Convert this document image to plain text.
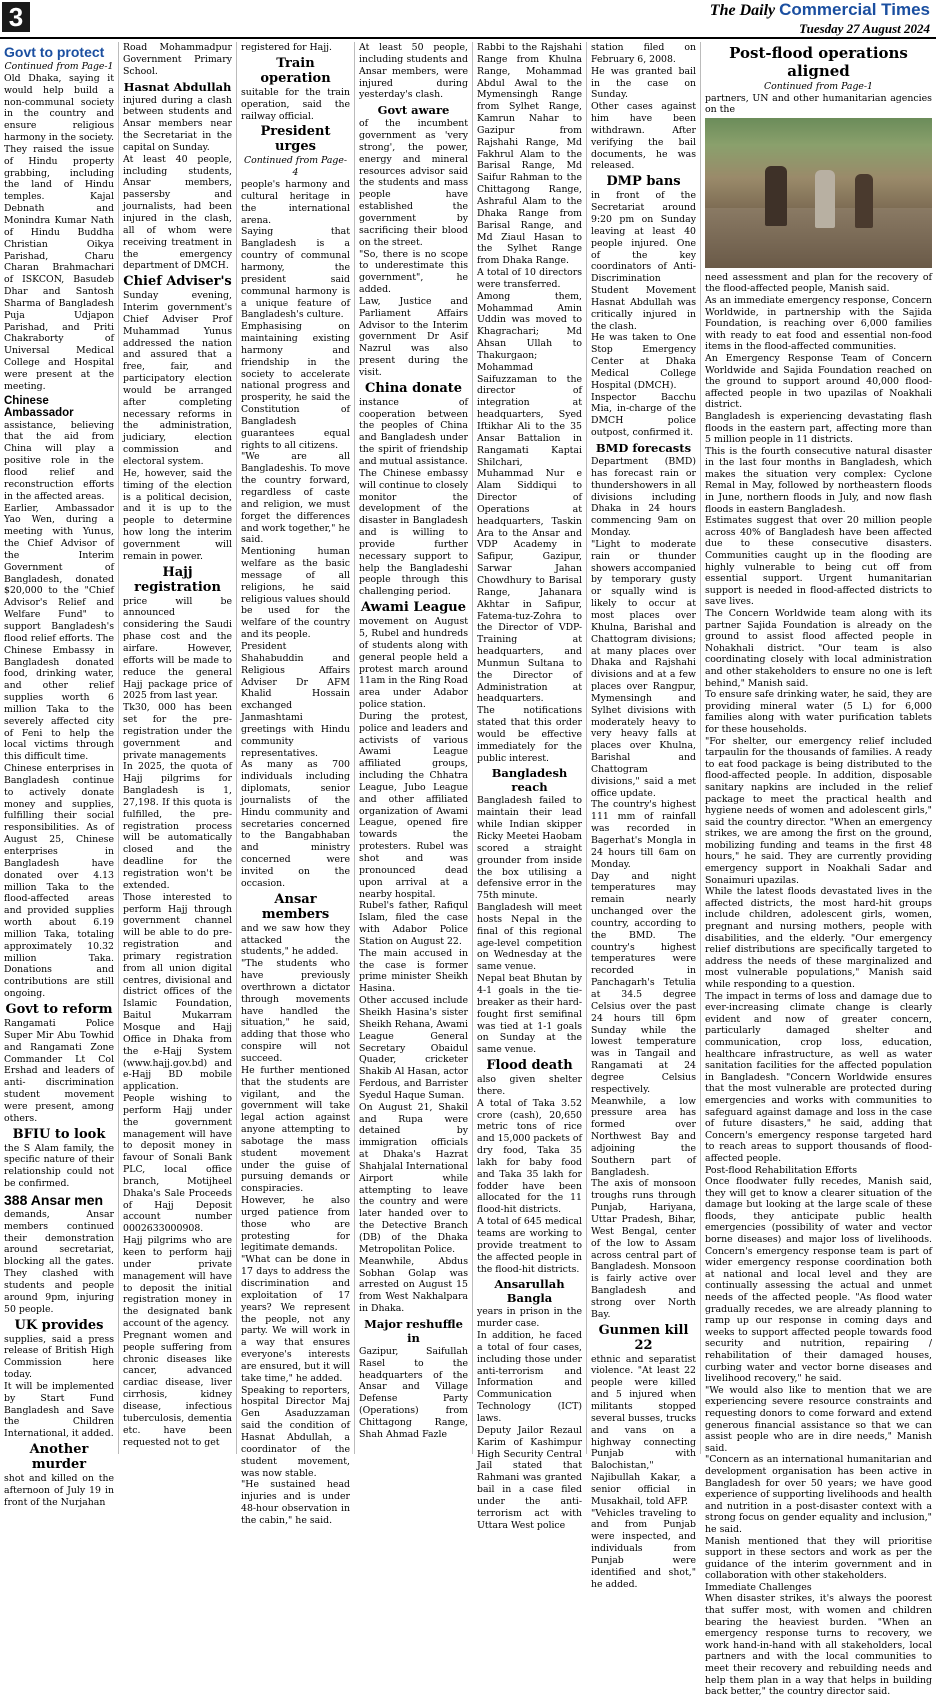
3	The Daily Commercial Times
Tuesday 27 August 2024
Govt to protect
Continued from Page-1

Old Dhaka, saying it would help build a non-communal society in the country and ensure religious harmony in the society. They raised the issue of Hindu property grabbing, including the land of Hindu temples. Kajal Debnath and Monindra Kumar Nath of Hindu Buddha Christian Oikya Parishad, Charu Charan Brahmachari of ISKCON, Basudeb Dhar and Santosh Sharma of Bangladesh Puja Udjapon Parishad, and Priti Chakraborty of Universal Medical College and Hospital were present at the meeting.

Chinese Ambassador

assistance, believing that the aid from China will play a positive role in the flood relief and reconstruction efforts in the affected areas.

Earlier, Ambassador Yao Wen, during a meeting with Yunus, the Chief Advisor of the Interim Government of Bangladesh, donated $20,000 to the "Chief Advisor's Relief and Welfare Fund" to support Bangladesh's flood relief efforts. The Chinese Embassy in Bangladesh donated food, drinking water, and other relief supplies worth 6 million Taka to the severely affected city of Feni to help the local victims through this difficult time.

Chinese enterprises in Bangladesh continue to actively donate money and supplies, fulfilling their social responsibilities. As of August 25, Chinese enterprises in Bangladesh have donated over 4.13 million Taka to the flood-affected areas and provided supplies worth about 6.19 million Taka, totaling approximately 10.32 million Taka. Donations and contributions are still ongoing.

Govt to reform

Rangamati Police Super Mir Abu Towhid and Rangamati Zone Commander Lt Col Ershad and leaders of anti- discrimination student movement were present, among others.

BFIU to look

the S Alam family, the specific nature of their relationship could not be confirmed.

388 Ansar men

demands, Ansar members continued their demonstration around secretariat, blocking all the gates. They clashed with students and people around 9pm, injuring 50 people.

UK provides

supplies, said a press release of British High Commission here today.

It will be implemented by Start Fund Bangladesh and Save the Children International, it added.

Another murder

shot and killed on the afternoon of July 19 in front of the Nurjahan

Road Mohammadpur Government Primary School.

Hasnat Abdullah

injured during a clash between students and Ansar members near the Secretariat in the capital on Sunday.

At least 40 people, including students, Ansar members, passersby and journalists, had been injured in the clash, all of whom were receiving treatment in the emergency department of DMCH.

Chief Adviser's

Sunday evening, Interim government's Chief Adviser Prof Muhammad Yunus addressed the nation and assured that a free, fair, and participatory election would be arranged after completing necessary reforms in the administration, judiciary, election commission and electoral system.

He, however, said the timing of the election is a political decision, and it is up to the people to determine how long the interim government will remain in power.

Hajj registration

price will be announced considering the Saudi phase cost and the airfare. However, efforts will be made to reduce the general Hajj package price of 2025 from last year.

Tk30, 000 has been set for the pre-registration under the government and private managements

In 2025, the quota of Hajj pilgrims for Bangladesh is 1, 27,198. If this quota is fulfilled, the pre-registration process will be automatically closed and the deadline for the registration won't be extended.

Those interested to perform Hajj through government channel will be able to do pre-registration and primary registration from all union digital centres, divisional and district offices of the Islamic Foundation, Baitul Mukarram Mosque and Hajj Office in Dhaka from the e-Hajj System (www.hajj.gov.bd) and e-Hajj BD mobile application.

People wishing to perform Hajj under the government management will have to deposit money in favour of Sonali Bank PLC, local office branch, Motijheel Dhaka's Sale Proceeds of Hajj Deposit account number 0002633000908.

Hajj pilgrims who are keen to perform hajj under private management will have to deposit the initial registration money in the designated bank account of the agency.

Pregnant women and people suffering from chronic diseases like cancer, advanced cardiac disease, liver cirrhosis, kidney disease, infectious tuberculosis, dementia etc. have been requested not to get

registered for Hajj.

Train operation

suitable for the train operation, said the railway official.

President urges
Continued from Page- 4

people's harmony and cultural heritage in the international arena.

Saying that Bangladesh is a country of communal harmony, the president said communal harmony is a unique feature of Bangladesh's culture.

Emphasising on maintaining existing harmony and friendship in the society to accelerate national progress and prosperity, he said the Constitution of Bangladesh guarantees equal rights to all citizens.

"We are all Bangladeshis. To move the country forward, regardless of caste and religion, we must forget the differences and work together," he said.

Mentioning human welfare as the basic message of all religions, he said religious values should be used for the welfare of the country and its people.

President Shahabuddin and Religious Affairs Adviser Dr AFM Khalid Hossain exchanged Janmashtami greetings with Hindu community representatives.

As many as 700 individuals including diplomats, senior journalists of the Hindu community and secretaries concerned to the Bangabhaban and ministry concerned were invited on the occasion.

Ansar members

and we saw how they attacked the students," he added.

"The students who have previously overthrown a dictator through movements have handled the situation," he said, adding that those who conspire will not succeed.

He further mentioned that the students are vigilant, and the government will take legal action against anyone attempting to sabotage the mass student movement under the guise of pursuing demands or conspiracies.

However, he also urged patience from those who are protesting for legitimate demands.

"What can be done in 17 days to address the discrimination and exploitation of 17 years? We represent the people, not any party. We will work in a way that ensures everyone's interests are ensured, but it will take time," he added.

Speaking to reporters, hospital Director Maj Gen Asaduzzaman said the condition of Hasnat Abdullah, a coordinator of the student movement, was now stable.

"He sustained head injuries and is under 48-hour observation in the cabin," he said.

At least 50 people, including students and Ansar members, were injured during yesterday's clash.

Govt aware

of the incumbent government as 'very strong', the power, energy and mineral resources advisor said the students and mass people have established the government by sacrificing their blood on the street.

"So, there is no scope to underestimate this government", he added.

Law, Justice and Parliament Affairs Advisor to the Interim government Dr Asif Nazrul was also present during the visit.

China donate

instance of cooperation between the peoples of China and Bangladesh under the spirit of friendship and mutual assistance.

The Chinese embassy will continue to closely monitor the development of the disaster in Bangladesh and is willing to provide further necessary support to help the Bangladeshi people through this challenging period.

Awami League

movement on August 5, Rubel and hundreds of students along with general people held a protest march around 11am in the Ring Road area under Adabor police station.

During the protest, police and leaders and activists of various Awami League affiliated groups, including the Chhatra League, Jubo League and other affiliated organization of Awami League, opened fire towards the protesters. Rubel was shot and was pronounced dead upon arrival at a nearby hospital.

Rubel's father, Rafiqul Islam, filed the case with Adabor Police Station on August 22.

The main accused in the case is former prime minister Sheikh Hasina.

Other accused include Sheikh Hasina's sister Sheikh Rehana, Awami League General Secretary Obaidul Quader, cricketer Shakib Al Hasan, actor Ferdous, and Barrister Syedul Haque Suman.

On August 21, Shakil and Rupa were detained by immigration officials at Dhaka's Hazrat Shahjalal International Airport while attempting to leave the country and were later handed over to the Detective Branch (DB) of the Dhaka Metropolitan Police.

Meanwhile, Abdus Sobhan Golap was arrested on August 15 from West Nakhalpara in Dhaka.

Major reshuffle in

Gazipur, Saifullah Rasel to the headquarters of the Ansar and Village Defense Party (Operations) from Chittagong Range, Shah Ahmad Fazle

Rabbi to the Rajshahi Range from Khulna Range, Mohammad Abdul Awal to the Mymensingh Range from Sylhet Range, Kamrun Nahar to Gazipur from Rajshahi Range, Md Fakhrul Alam to the Barisal Range, Md Saifur Rahman to the Chittagong Range, Ashraful Alam to the Dhaka Range from Barisal Range, and Md Ziaul Hasan to the Sylhet Range from Dhaka Range.

A total of 10 directors were transferred.

Among them, Mohammad Amin Uddin was moved to Khagrachari; Md Ahsan Ullah to Thakurgaon; Mohammad Saifuzzaman to the director of integration at headquarters, Syed Iftikhar Ali to the 35 Ansar Battalion in Rangamati Kaptai Shilchari, Muhammad Nur e Alam Siddiqui to Director of Operations at headquarters, Taskin Ara to the Ansar and VDP Academy in Safipur, Gazipur, Sarwar Jahan Chowdhury to Barisal Range, Jahanara Akhtar in Safipur, Fatema-tuz-Zohra to the Director of VDP-Training at headquarters, and Munmun Sultana to the Director of Administration at headquarters.

The notifications stated that this order would be effective immediately for the public interest.

Bangladesh reach

Bangladesh failed to maintain their lead while Indian skipper Ricky Meetei Haobam scored a straight grounder from inside the box utilising a defensive error in the 75th minute.

Bangladesh will meet hosts Nepal in the final of this regional age-level competition on Wednesday at the same venue.

Nepal beat Bhutan by 4-1 goals in the tie-breaker as their hard-fought first semifinal was tied at 1-1 goals on Sunday at the same venue.

Flood death

also given shelter there.

A total of Taka 3.52 crore (cash), 20,650 metric tons of rice and 15,000 packets of dry food, Taka 35 lakh for baby food and Taka 35 lakh for fodder have been allocated for the 11 flood-hit districts.

A total of 645 medical teams are working to provide treatment to the affected people in the flood-hit districts.

Ansarullah Bangla

years in prison in the murder case.

In addition, he faced a total of four cases, including those under anti-terrorism and Information and Communication Technology (ICT) laws.

Deputy Jailor Rezaul Karim of Kashimpur High Security Central Jail stated that Rahmani was granted bail in a case filed under the anti-terrorism act with Uttara West police

station filed on February 6, 2008.

He was granted bail in the case on Sunday.

Other cases against him have been withdrawn. After verifying the bail documents, he was released.

DMP bans

in front of the Secretariat around 9:20 pm on Sunday leaving at least 40 people injured. One of the key coordinators of Anti-Discrimination Student Movement Hasnat Abdullah was critically injured in the clash.

He was taken to One Stop Emergency Center at Dhaka Medical College Hospital (DMCH).

Inspector Bacchu Mia, in-charge of the DMCH police outpost, confirmed it.

BMD forecasts

Department (BMD) has forecast rain or thundershowers in all divisions including Dhaka in 24 hours commencing 9am on Monday.

"Light to moderate rain or thunder showers accompanied by temporary gusty or squally wind is likely to occur at most places over Khulna, Barishal and Chattogram divisions; at many places over Dhaka and Rajshahi divisions and at a few places over Rangpur, Mymensingh and Sylhet divisions with moderately heavy to very heavy falls at places over Khulna, Barishal and Chattogram divisions," said a met office update.

The country's highest 111 mm of rainfall was recorded in Bagerhat's Mongla in 24 hours till 6am on Monday.

Day and night temperatures may remain nearly unchanged over the country, according to the BMD. The country's highest temperatures were recorded in Panchagarh's Tetulia at 34.5 degree Celsius over the past 24 hours till 6pm Sunday while the lowest temperature was in Tangail and Rangamati at 24 degree Celsius respectively.

Meanwhile, a low pressure area has formed over Northwest Bay and adjoining the Southern part of Bangladesh.

The axis of monsoon troughs runs through Punjab, Hariyana, Uttar Pradesh, Bihar, West Bengal, center of the low to Assam across central part of Bangladesh. Monsoon is fairly active over Bangladesh and strong over North Bay.

Gunmen kill 22

ethnic and separatist violence. "At least 22 people were killed and 5 injured when militants stopped several busses, trucks and vans on a highway connecting Punjab with Balochistan," Najibullah Kakar, a senior official in Musakhail, told AFP.

"Vehicles traveling to and from Punjab were inspected, and individuals from Punjab were identified and shot," he added.

Post-flood operations aligned
Continued from Page-1

partners, UN and other humanitarian agencies on the

need assessment and plan for the recovery of the flood-affected people, Manish said.

As an immediate emergency response, Concern Worldwide, in partnership with the Sajida Foundation, is reaching over 6,000 families with ready to eat food and essential non-food items in the flood-affected communities.

An Emergency Response Team of Concern Worldwide and Sajida Foundation reached on the ground to support around 40,000 flood-affected people in two upazilas of Noakhali district.

Bangladesh is experiencing devastating flash floods in the eastern part, affecting more than 5 million people in 11 districts.

This is the fourth consecutive natural disaster in the last four months in Bangladesh, which makes the situation very complex: Cyclone Remal in May, followed by northeastern floods in June, northern floods in July, and now flash floods in eastern Bangladesh.

Estimates suggest that over 20 million people across 40% of Bangladesh have been affected due to these consecutive disasters. Communities caught up in the flooding are highly vulnerable to being cut off from essential support. Urgent humanitarian support is needed in flood-affected districts to save lives.

The Concern Worldwide team along with its partner Sajida Foundation is already on the ground to assist flood affected people in Nohakhali district. "Our team is also coordinating closely with local administration and other stakeholders to ensure no one is left behind," Manish said.

To ensure safe drinking water, he said, they are providing mineral water (5 L) for 6,000 families along with water purification tablets for these households.

"For shelter, our emergency relief included tarpaulin for the thousands of families. A ready to eat food package is being distributed to the flood-affected people. In addition, disposable sanitary napkins are included in the relief package to meet the practical health and hygiene needs of women and adolescent girls," said the country director. "When an emergency strikes, we are among the first on the ground, mobilizing funding and teams in the first 48 hours," he said. They are currently providing emergency support in Noakhali Sadar and Sonaimuri upazilas.

While the latest floods devastated lives in the affected districts, the most hard-hit groups include children, adolescent girls, women, pregnant and nursing mothers, people with disabilities, and the elderly. "Our emergency relief distributions are specifically targeted to address the needs of these marginalized and most vulnerable populations," Manish said while responding to a question.

The impact in terms of loss and damage due to ever-increasing climate change is clearly evident and now of greater concern, particularly damaged shelter and communication, crop loss, education, healthcare infrastructure, as well as water sanitation facilities for the affected population in Bangladesh. "Concern Worldwide ensures that the most vulnerable are protected during emergencies and works with communities to safeguard against damage and loss in the case of future disasters," he said, adding that Concern's emergency response targeted hard to reach areas to support thousands of flood-affected people.

Post-flood Rehabilitation Efforts

Once floodwater fully recedes, Manish said, they will get to know a clearer situation of the damage but looking at the large scale of these floods, they anticipate public health emergencies (possibility of water and vector borne diseases) and major loss of livelihoods. Concern's emergency response team is part of wider emergency response coordination both at national and local level and they are continually assessing the actual and unmet needs of the affected people. "As flood water gradually recedes, we are already planning to ramp up our response in coming days and weeks to support affected people towards food security and nutrition, repairing / rehabilitation of their damaged houses, curbing water and vector borne diseases and livelihood recovery," he said.

"We would also like to mention that we are experiencing severe resource constraints and requesting donors to come forward and extend generous financial assistance so that we can assist people who are in dire needs," Manish said.

"Concern as an international humanitarian and development organisation has been active in Bangladesh for over 50 years; we have good experience of supporting livelihoods and health and nutrition in a post-disaster context with a strong focus on gender equality and inclusion," he said.

Manish mentioned that they will prioritise support in these sectors and work as per the guidance of the interim government and in collaboration with other stakeholders.

Immediate Challenges

When disaster strikes, it's always the poorest that suffer most, with women and children bearing the heaviest burden. "When an emergency response turns to recovery, we work hand-in-hand with all stakeholders, local partners and with the local communities to meet their recovery and rebuilding needs and help them plan in a way that helps in building back better," the country director said.
